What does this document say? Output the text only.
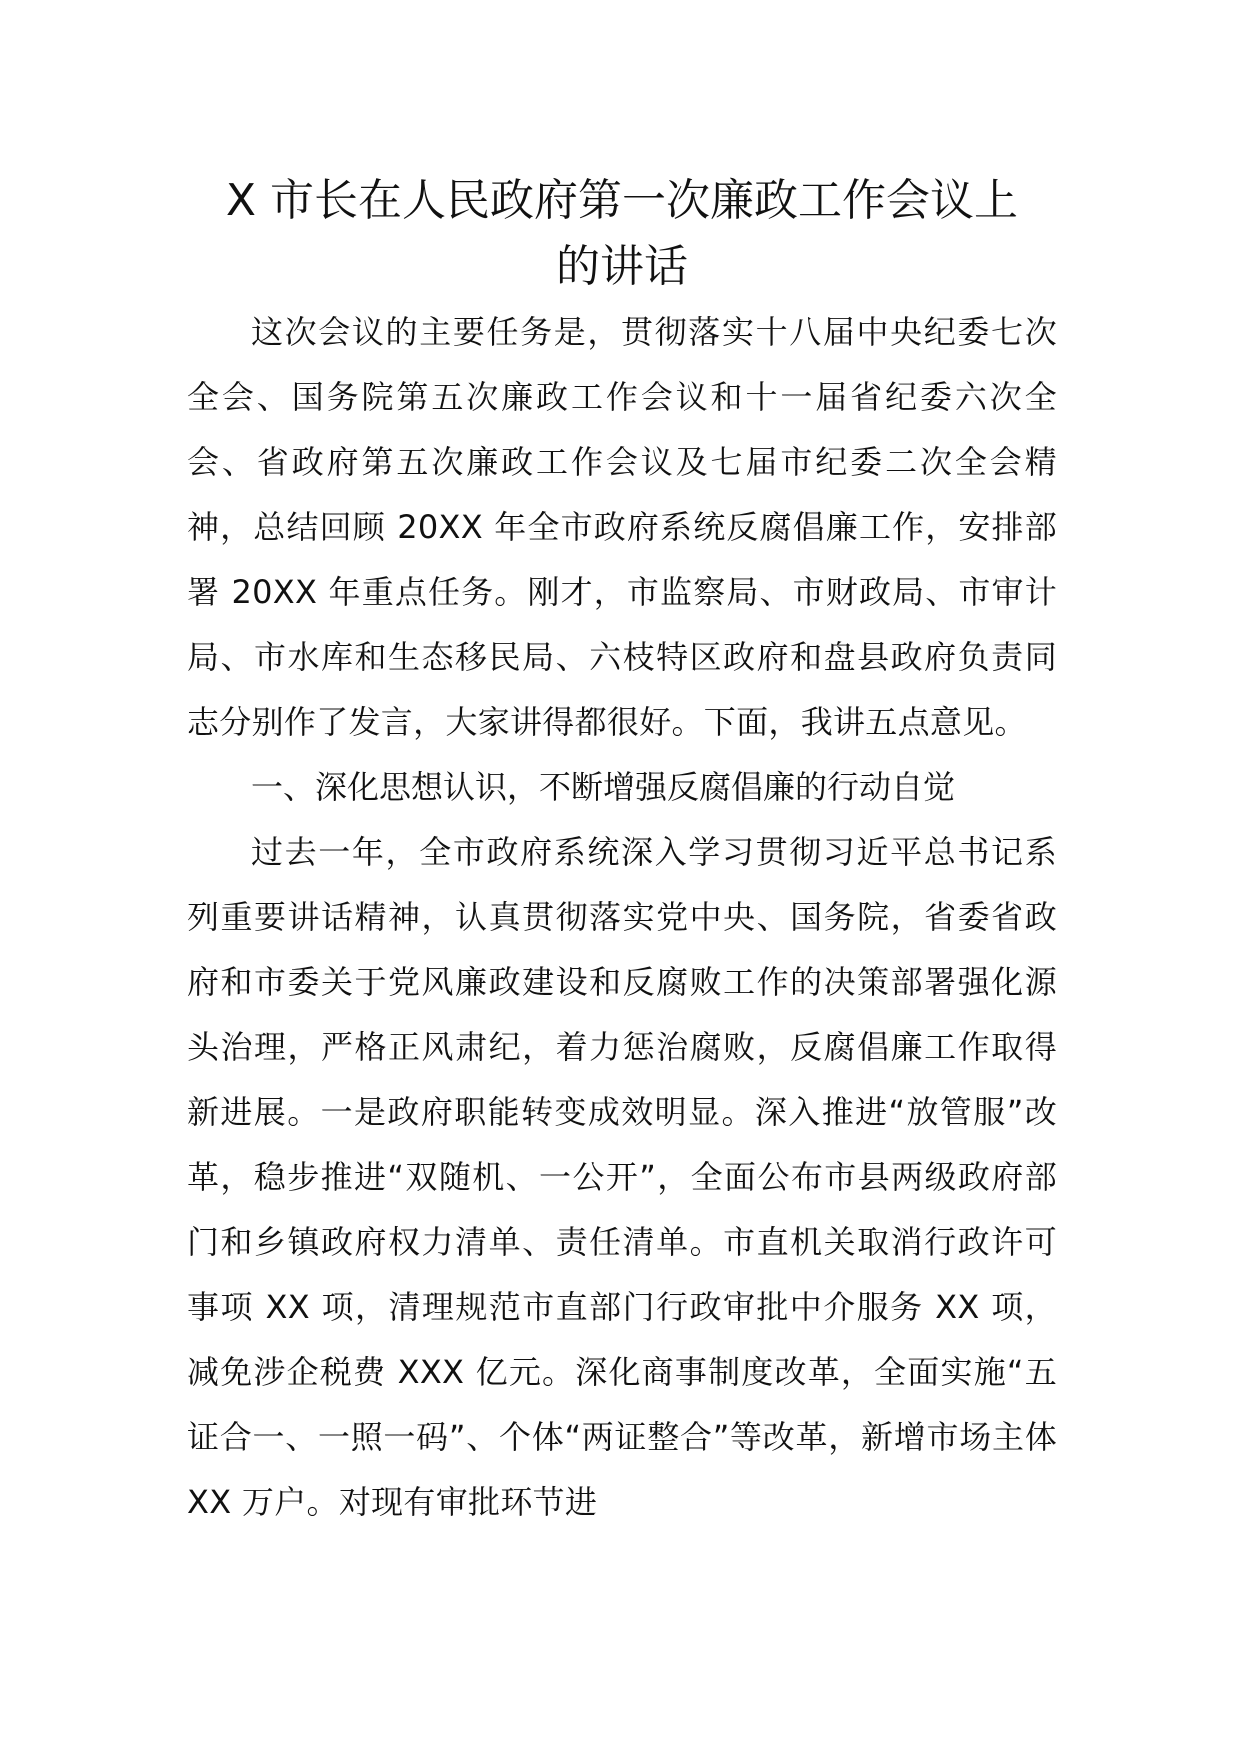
X 市长在人民政府第一次廉政工作会议上
的讲话

这次会议的主要任务是，贯彻落实十八届中央纪委七次全会、国务院第五次廉政工作会议和十一届省纪委六次全会、省政府第五次廉政工作会议及七届市纪委二次全会精神，总结回顾 20XX 年全市政府系统反腐倡廉工作，安排部署 20XX 年重点任务。刚才，市监察局、市财政局、市审计局、市水库和生态移民局、六枝特区政府和盘县政府负责同志分别作了发言，大家讲得都很好。下面，我讲五点意见。

一、深化思想认识，不断增强反腐倡廉的行动自觉

过去一年，全市政府系统深入学习贯彻习近平总书记系列重要讲话精神，认真贯彻落实党中央、国务院，省委省政府和市委关于党风廉政建设和反腐败工作的决策部署强化源头治理，严格正风肃纪，着力惩治腐败，反腐倡廉工作取得新进展。一是政府职能转变成效明显。深入推进“放管服”改革，稳步推进“双随机、一公开”，全面公布市县两级政府部门和乡镇政府权力清单、责任清单。市直机关取消行政许可事项 XX 项，清理规范市直部门行政审批中介服务 XX 项，减免涉企税费 XXX 亿元。深化商事制度改革，全面实施“五证合一、一照一码”、个体“两证整合”等改革，新增市场主体 XX 万户。对现有审批环节进
